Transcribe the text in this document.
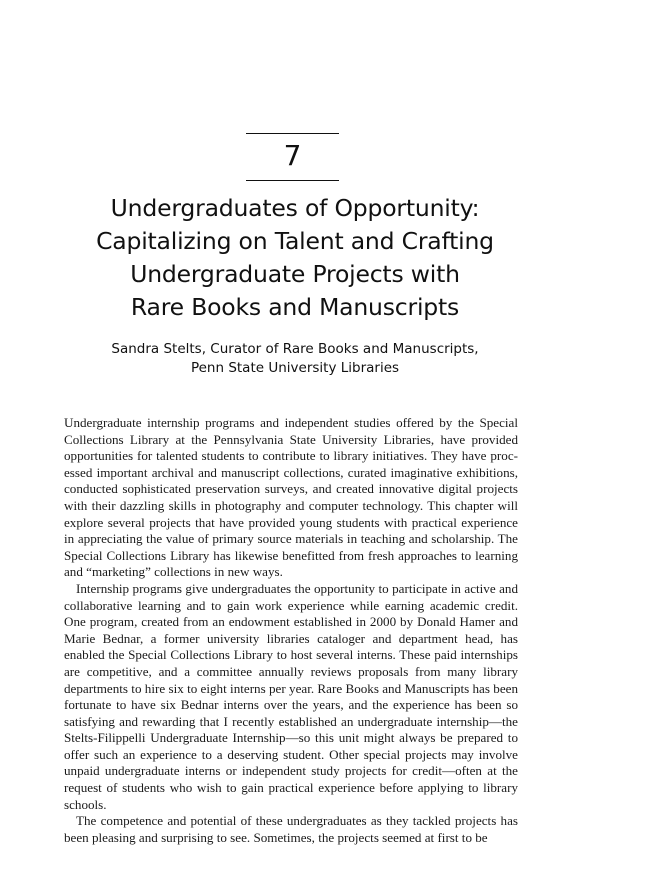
7
Undergraduates of Opportunity:
Capitalizing on Talent and Crafting
Undergraduate Projects with
Rare Books and Manuscripts
Sandra Stelts, Curator of Rare Books and Manuscripts,
Penn State University Libraries

Undergraduate internship programs and independent studies offered by the Special Collections Library at the Pennsylvania State University Libraries, have provided opportunities for talented students to contribute to library initiatives. They have processed important archival and manuscript collections, curated imaginative exhibitions, conducted sophisticated preservation surveys, and created innovative digital projects with their dazzling skills in photography and computer technology. This chapter will explore several projects that have provided young students with practical experience in appreciating the value of primary source materials in teaching and scholarship. The Special Collections Library has likewise benefitted from fresh approaches to learning and “marketing” collections in new ways.

Internship programs give undergraduates the opportunity to participate in active and collaborative learning and to gain work experience while earning academic credit. One program, created from an endowment established in 2000 by Donald Hamer and Marie Bednar, a former university libraries cataloger and department head, has enabled the Special Collections Library to host several interns. These paid internships are competitive, and a committee annually reviews proposals from many library departments to hire six to eight interns per year. Rare Books and Manuscripts has been fortunate to have six Bednar interns over the years, and the experience has been so satisfying and rewarding that I recently established an undergraduate internship—the Stelts-Filippelli Undergraduate Internship—so this unit might always be prepared to offer such an experience to a deserving student. Other special projects may involve unpaid undergraduate interns or independent study projects for credit—often at the request of students who wish to gain practical experience before applying to library schools.

The competence and potential of these undergraduates as they tackled projects has been pleasing and surprising to see. Sometimes, the projects seemed at first to be
